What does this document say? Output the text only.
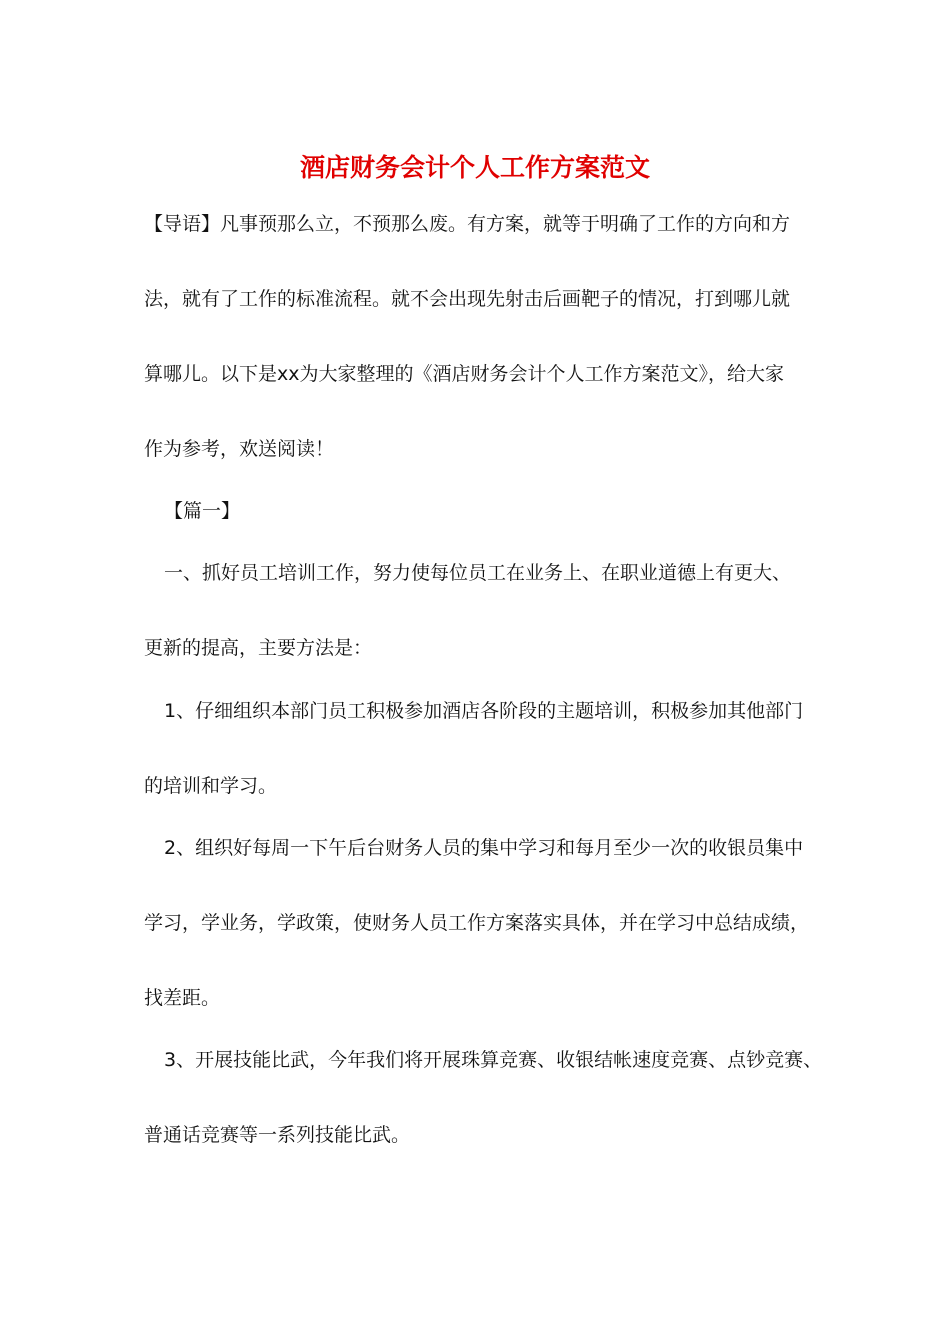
酒店财务会计个人工作方案范文
【导语】凡事预那么立，不预那么废。有方案，就等于明确了工作的方向和方
法，就有了工作的标准流程。就不会出现先射击后画靶子的情况，打到哪儿就
算哪儿。以下是xx为大家整理的《酒店财务会计个人工作方案范文》，给大家
作为参考，欢送阅读！
【篇一】
一、抓好员工培训工作，努力使每位员工在业务上、在职业道德上有更大、
更新的提高，主要方法是：
1、仔细组织本部门员工积极参加酒店各阶段的主题培训，积极参加其他部门
的培训和学习。
2、组织好每周一下午后台财务人员的集中学习和每月至少一次的收银员集中
学习，学业务，学政策，使财务人员工作方案落实具体，并在学习中总结成绩，
找差距。
3、开展技能比武，今年我们将开展珠算竞赛、收银结帐速度竞赛、点钞竞赛、
普通话竞赛等一系列技能比武。
